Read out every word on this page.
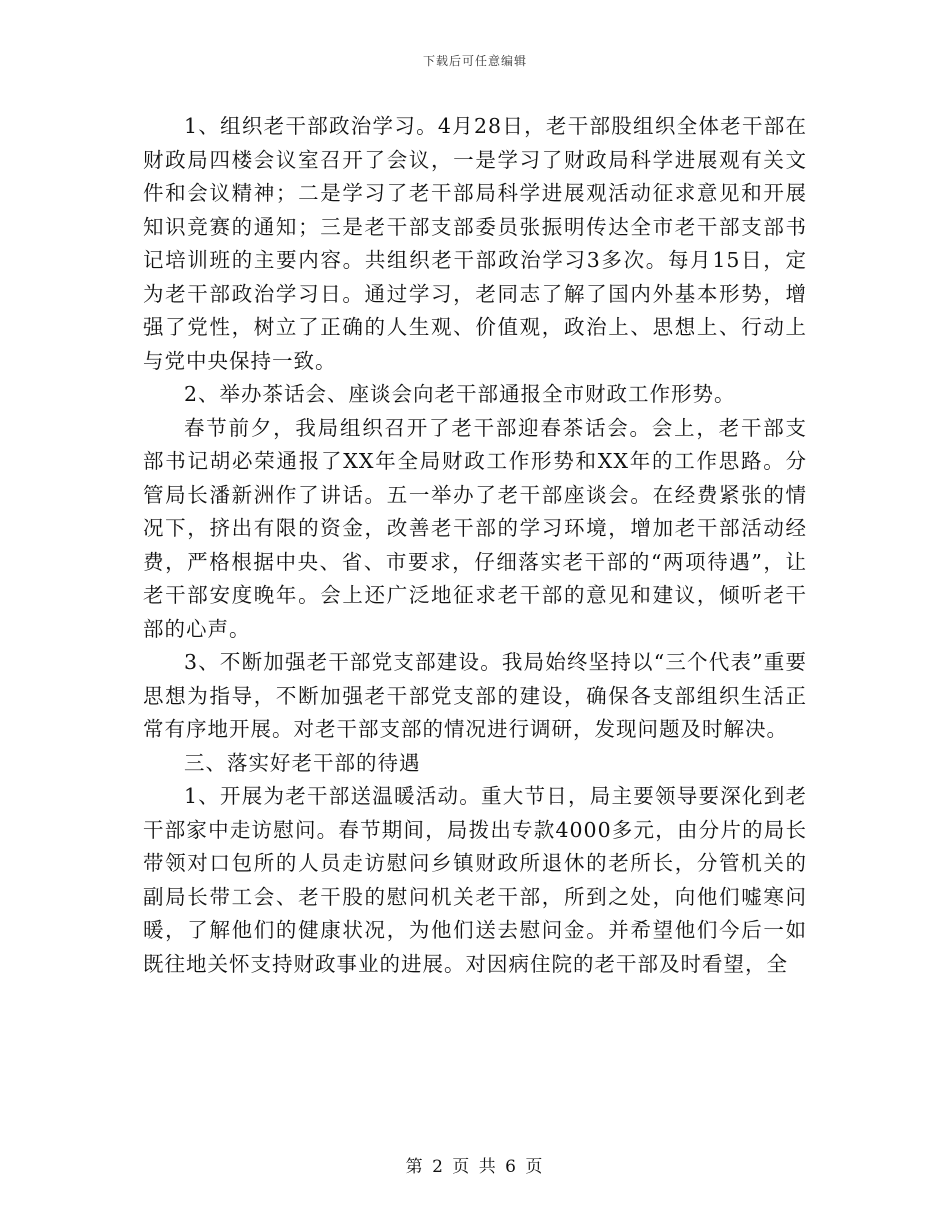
下载后可任意编辑

1、组织老干部政治学习。4月28日，老干部股组织全体老干部在财政局四楼会议室召开了会议，一是学习了财政局科学进展观有关文件和会议精神；二是学习了老干部局科学进展观活动征求意见和开展知识竞赛的通知；三是老干部支部委员张振明传达全市老干部支部书记培训班的主要内容。共组织老干部政治学习3多次。每月15日，定为老干部政治学习日。通过学习，老同志了解了国内外基本形势，增强了党性，树立了正确的人生观、价值观，政治上、思想上、行动上与党中央保持一致。

2、举办茶话会、座谈会向老干部通报全市财政工作形势。

春节前夕，我局组织召开了老干部迎春茶话会。会上，老干部支部书记胡必荣通报了XX年全局财政工作形势和XX年的工作思路。分管局长潘新洲作了讲话。五一举办了老干部座谈会。在经费紧张的情况下，挤出有限的资金，改善老干部的学习环境，增加老干部活动经费，严格根据中央、省、市要求，仔细落实老干部的“两项待遇”，让老干部安度晚年。会上还广泛地征求老干部的意见和建议，倾听老干部的心声。

3、不断加强老干部党支部建设。我局始终坚持以“三个代表”重要思想为指导，不断加强老干部党支部的建设，确保各支部组织生活正常有序地开展。对老干部支部的情况进行调研，发现问题及时解决。

三、落实好老干部的待遇

1、开展为老干部送温暖活动。重大节日，局主要领导要深化到老干部家中走访慰问。春节期间，局拨出专款4000多元，由分片的局长带领对口包所的人员走访慰问乡镇财政所退休的老所长，分管机关的副局长带工会、老干股的慰问机关老干部，所到之处，向他们嘘寒问暖，了解他们的健康状况，为他们送去慰问金。并希望他们今后一如既往地关怀支持财政事业的进展。对因病住院的老干部及时看望，全

第 2 页 共 6 页
